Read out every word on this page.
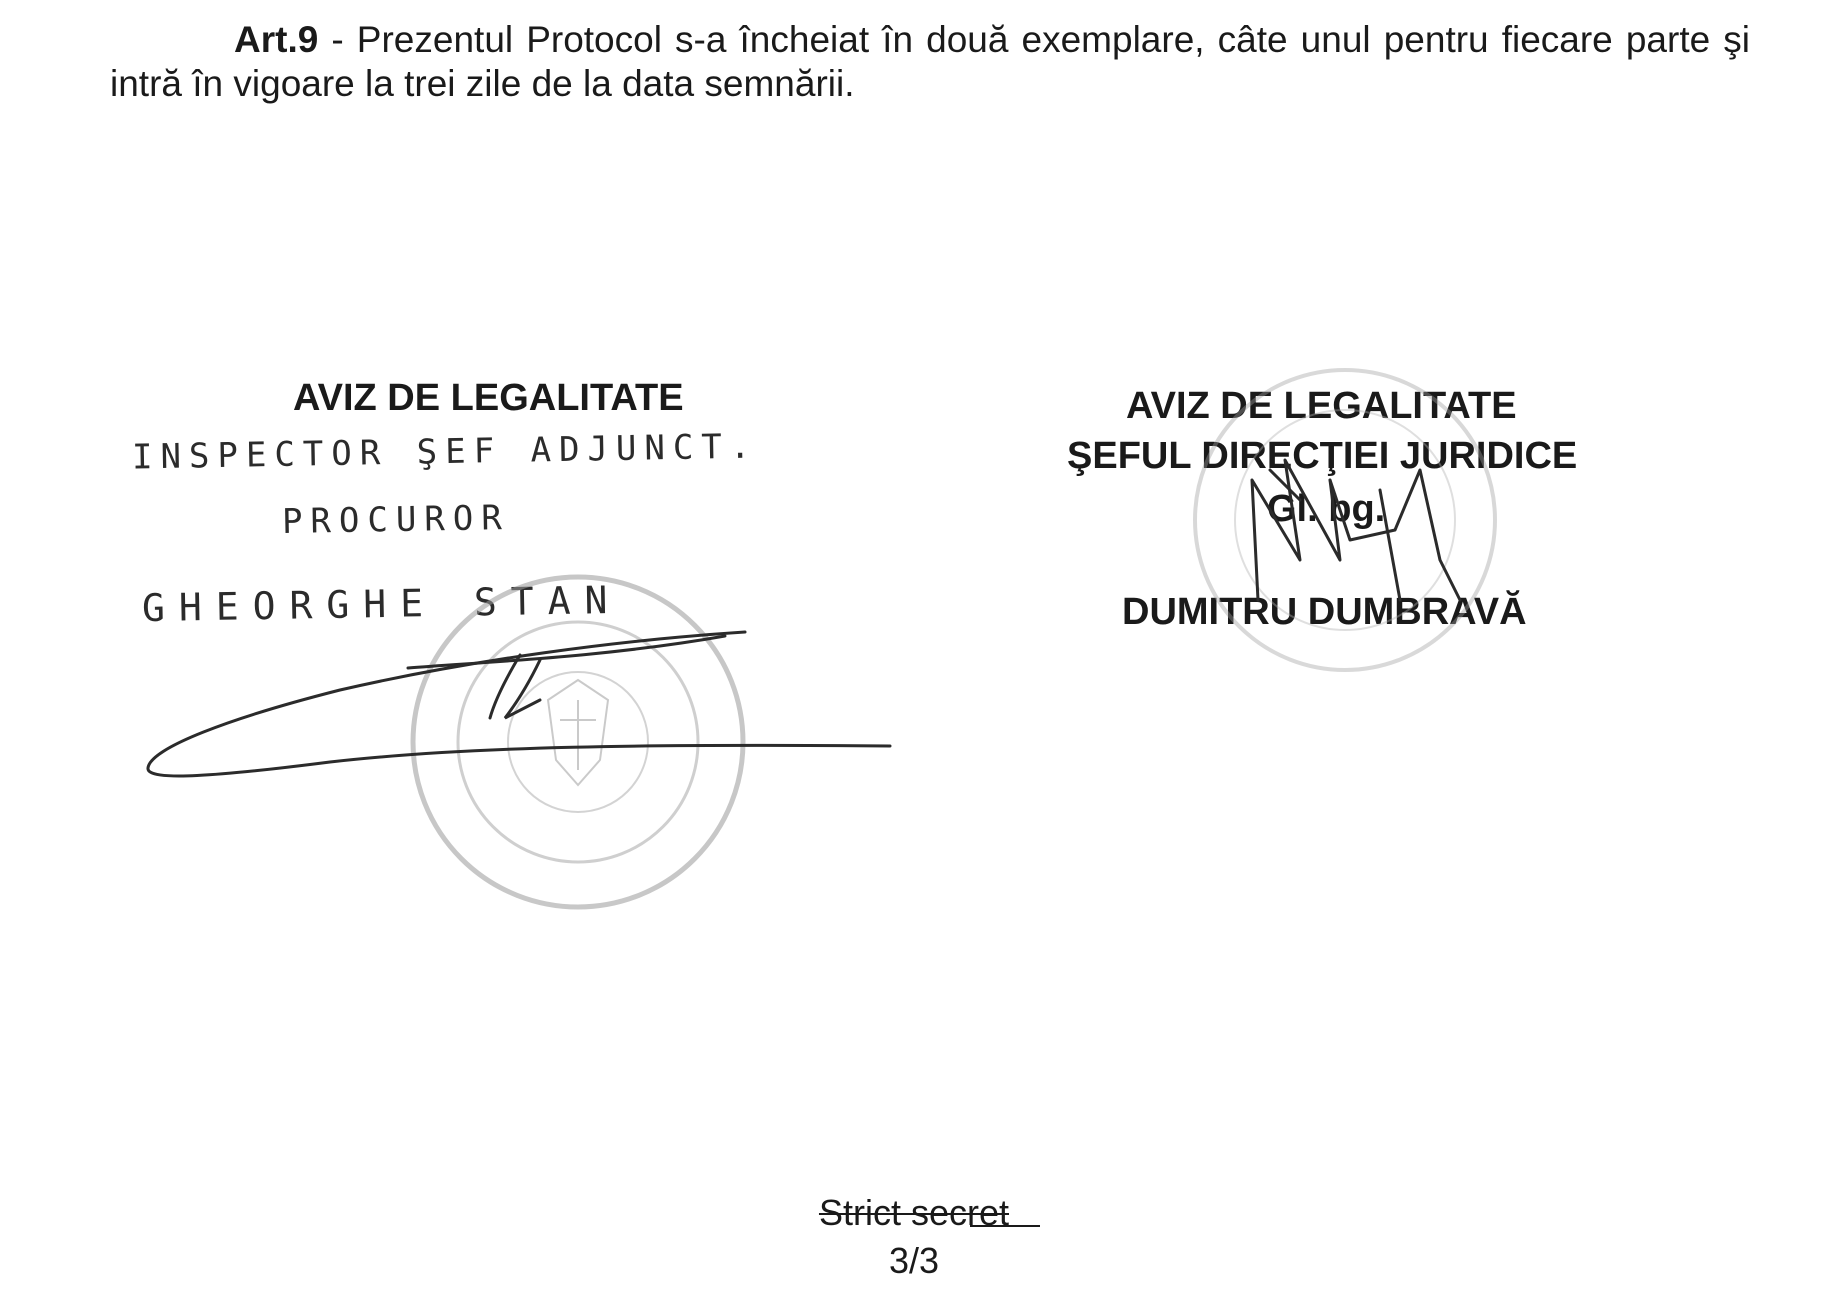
Art.9 - Prezentul Protocol s-a încheiat în două exemplare, câte unul pentru fiecare parte şi intră în vigoare la trei zile de la data semnării.
AVIZ DE LEGALITATE
INSPECTOR ŞEF ADJUNCT.
PROCUROR
GHEORGHE STAN
AVIZ DE LEGALITATE
ŞEFUL DIRECŢIEI JURIDICE
Gl. bg.
DUMITRU DUMBRAVĂ
Strict secret
3/3
